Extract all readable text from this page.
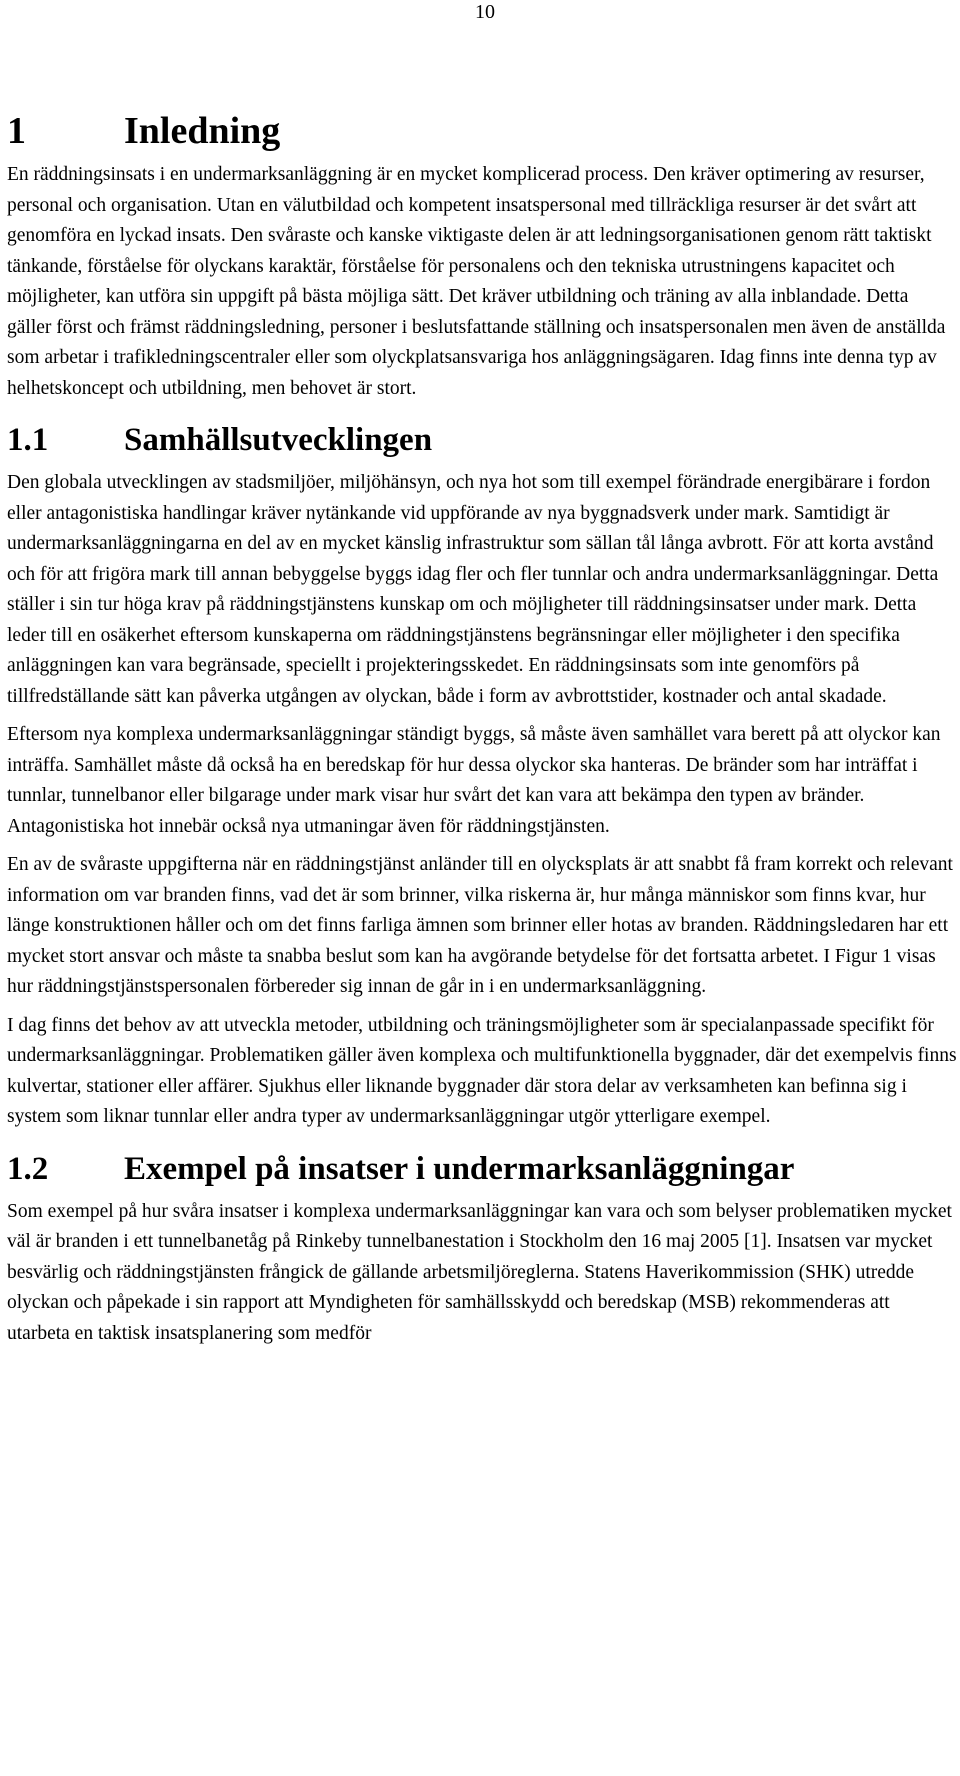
10
1	Inledning

En räddningsinsats i en undermarksanläggning är en mycket komplicerad process. Den kräver optimering av resurser, personal och organisation. Utan en välutbildad och kompetent insatspersonal med tillräckliga resurser är det svårt att genomföra en lyckad insats. Den svåraste och kanske viktigaste delen är att ledningsorganisationen genom rätt taktiskt tänkande, förståelse för olyckans karaktär, förståelse för personalens och den tekniska utrustningens kapacitet och möjligheter, kan utföra sin uppgift på bästa möjliga sätt. Det kräver utbildning och träning av alla inblandade. Detta gäller först och främst räddningsledning, personer i beslutsfattande ställning och insatspersonalen men även de anställda som arbetar i trafikledningscentraler eller som olyckplatsansvariga hos anläggningsägaren. Idag finns inte denna typ av helhetskoncept och utbildning, men behovet är stort.

1.1 Samhällsutvecklingen

Den globala utvecklingen av stadsmiljöer, miljöhänsyn, och nya hot som till exempel förändrade energibärare i fordon eller antagonistiska handlingar kräver nytänkande vid uppförande av nya byggnadsverk under mark. Samtidigt är undermarksanläggningarna en del av en mycket känslig infrastruktur som sällan tål långa avbrott. För att korta avstånd och för att frigöra mark till annan bebyggelse byggs idag fler och fler tunnlar och andra undermarksanläggningar. Detta ställer i sin tur höga krav på räddningstjänstens kunskap om och möjligheter till räddningsinsatser under mark. Detta leder till en osäkerhet eftersom kunskaperna om räddningstjänstens begränsningar eller möjligheter i den specifika anläggningen kan vara begränsade, speciellt i projekteringsskedet. En räddningsinsats som inte genomförs på tillfredställande sätt kan påverka utgången av olyckan, både i form av avbrottstider, kostnader och antal skadade.

Eftersom nya komplexa undermarksanläggningar ständigt byggs, så måste även samhället vara berett på att olyckor kan inträffa. Samhället måste då också ha en beredskap för hur dessa olyckor ska hanteras. De bränder som har inträffat i tunnlar, tunnelbanor eller bilgarage under mark visar hur svårt det kan vara att bekämpa den typen av bränder. Antagonistiska hot innebär också nya utmaningar även för räddningstjänsten.

En av de svåraste uppgifterna när en räddningstjänst anländer till en olycksplats är att snabbt få fram korrekt och relevant information om var branden finns, vad det är som brinner, vilka riskerna är, hur många människor som finns kvar, hur länge konstruktionen håller och om det finns farliga ämnen som brinner eller hotas av branden. Räddningsledaren har ett mycket stort ansvar och måste ta snabba beslut som kan ha avgörande betydelse för det fortsatta arbetet. I Figur 1 visas hur räddningstjänstspersonalen förbereder sig innan de går in i en undermarksanläggning.

I dag finns det behov av att utveckla metoder, utbildning och träningsmöjligheter som är specialanpassade specifikt för undermarksanläggningar. Problematiken gäller även komplexa och multifunktionella byggnader, där det exempelvis finns kulvertar, stationer eller affärer. Sjukhus eller liknande byggnader där stora delar av verksamheten kan befinna sig i system som liknar tunnlar eller andra typer av undermarksanläggningar utgör ytterligare exempel.

1.2 Exempel på insatser i undermarksanläggningar

Som exempel på hur svåra insatser i komplexa undermarksanläggningar kan vara och som belyser problematiken mycket väl är branden i ett tunnelbanetåg på Rinkeby tunnelbanestation i Stockholm den 16 maj 2005 [1]. Insatsen var mycket besvärlig och räddningstjänsten frångick de gällande arbetsmiljöreglerna. Statens Haverikommission (SHK) utredde olyckan och påpekade i sin rapport att Myndigheten för samhällsskydd och beredskap (MSB) rekommenderas att utarbeta en taktisk insatsplanering som medför
